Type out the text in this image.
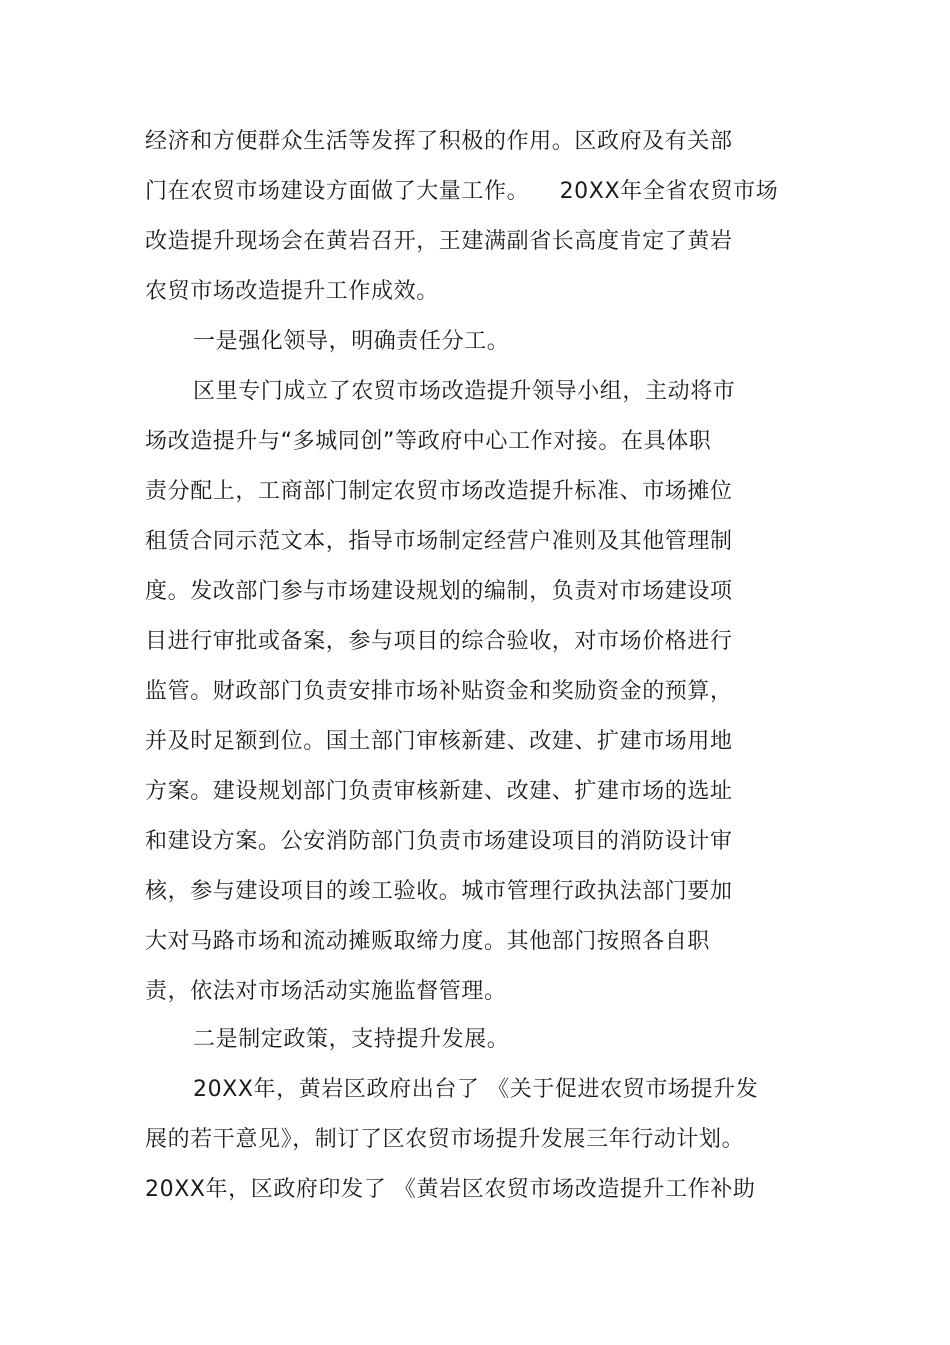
经济和方便群众生活等发挥了积极的作用。区政府及有关部
门在农贸市场建设方面做了大量工作。    20XX年全省农贸市场
改造提升现场会在黄岩召开，王建满副省长高度肯定了黄岩
农贸市场改造提升工作成效。
一是强化领导，明确责任分工。
区里专门成立了农贸市场改造提升领导小组，主动将市
场改造提升与“多城同创”等政府中心工作对接。在具体职
责分配上，工商部门制定农贸市场改造提升标准、市场摊位
租赁合同示范文本，指导市场制定经营户准则及其他管理制
度。发改部门参与市场建设规划的编制，负责对市场建设项
目进行审批或备案，参与项目的综合验收，对市场价格进行
监管。财政部门负责安排市场补贴资金和奖励资金的预算，
并及时足额到位。国土部门审核新建、改建、扩建市场用地
方案。建设规划部门负责审核新建、改建、扩建市场的选址
和建设方案。公安消防部门负责市场建设项目的消防设计审
核，参与建设项目的竣工验收。城市管理行政执法部门要加
大对马路市场和流动摊贩取缔力度。其他部门按照各自职
责，依法对市场活动实施监督管理。
二是制定政策，支持提升发展。
20XX年，黄岩区政府出台了 《关于促进农贸市场提升发
展的若干意见》，制订了区农贸市场提升发展三年行动计划。
20XX年，区政府印发了 《黄岩区农贸市场改造提升工作补助
